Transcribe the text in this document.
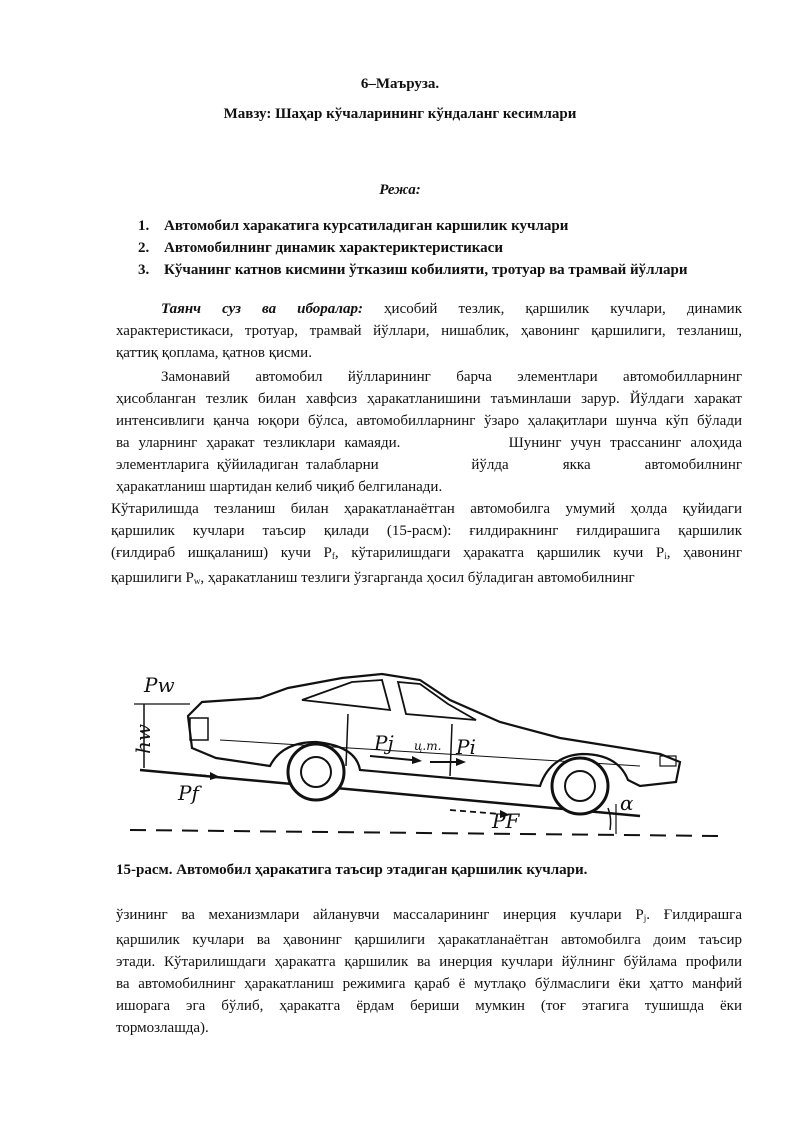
6–Маъруза.
Мавзу: Шаҳар кўчаларининг кўндаланг кесимлари
Режа:
1. Автомобил харакатига курсатиладиган каршилик кучлари
2. Автомобилнинг динамик характериктеристикаси
3. Кўчанинг катнов кисмини ўтказиш кобилияти, тротуар ва трамвай йўллари

Таянч суз ва иборалар: ҳисобий тезлик, қаршилик кучлари, динамик

характеристикаси, тротуар, трамвай йўллари, нишаблик, ҳавонинг қаршилиги, тезланиш,

қаттиқ қоплама, қатнов қисми.

Замонавий автомобил йўлларининг барча элементлари автомобилларнинг

ҳисобланган тезлик билан хавфсиз ҳаракатланишини таъминлаши зарур. Йўлдаги харакат

интенсивлиги қанча юқори бўлса, автомобилларнинг ўзаро ҳалақитлари шунча кўп бўлади

ва уларнинг ҳаракат тезликлари камаяди.            Шунинг учун трассанинг алоҳида

элементларига қўйиладиган талабларни            йўлда       якка       автомобилнинг

ҳаракатланиш шартидан келиб чиқиб белгиланади.

Кўтарилишда тезланиш билан ҳаракатланаётган автомобилга умумий ҳолда қуйидаги

қаршилик кучлари таъсир қилади (15-расм): ғилдиракнинг ғилдирашига қаршилик

(ғилдираб ишқаланиш) кучи $P_f$, кўтарилишдаги ҳаракатга қаршилик кучи $P_i$, ҳавонинг

қаршилиги $P_w$, ҳаракатланиш тезлиги ўзгарганда ҳосил бўладиган автомобилнинг

Pw
hw	Pj ц.т. Pi
Pf
PF
α
15-расм. Автомобил ҳаракатига таъсир этадиган қаршилик кучлари.

ўзининг ва механизмлари айланувчи массаларининг инерция кучлари $P_j$. Ғилдирашга

қаршилик кучлари ва ҳавонинг қаршилиги ҳаракатланаётган автомобилга доим таъсир

этади. Кўтарилишдаги ҳаракатга қаршилик ва инерция кучлари йўлнинг бўйлама профили

ва автомобилнинг ҳаракатланиш режимига қараб ё мутлақо бўлмаслиги ёки ҳатто манфий

ишорага эга бўлиб, ҳаракатга ёрдам бериши мумкин (тоғ этагига тушишда ёки

тормозлашда).
